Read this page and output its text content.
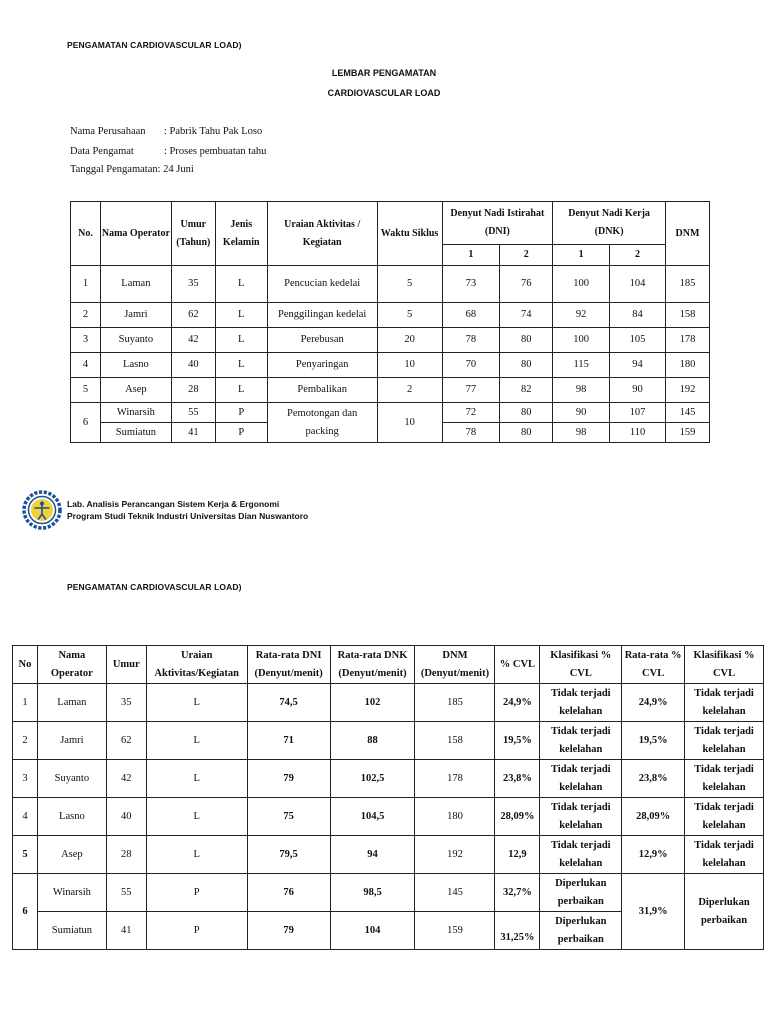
PENGAMATAN CARDIOVASCULAR LOAD)
LEMBAR PENGAMATAN
CARDIOVASCULAR LOAD
Nama Perusahaan : Pabrik Tahu Pak Loso
Data Pengamat	: Proses pembuatan tahu
Tanggal Pengamatan: 24 Juni
No.	Nama Operator	Umur (Tahun)	Jenis Kelamin	Uraian Aktivitas / Kegiatan	Waktu Siklus	Denyut Nadi Istirahat (DNI)		Denyut Nadi Kerja (DNK)		DNM
						1	2	1	2	
1	Laman	35	L	Pencucian kedelai	5	73	76	100	104	185
2	Jamri	62	L	Penggilingan kedelai	5	68	74	92	84	158
3	Suyanto	42	L	Perebusan	20	78	80	100	105	178
4	Lasno	40	L	Penyaringan	10	70	80	115	94	180
5	Asep	28	L	Pembalikan	2	77	82	98	90	192
6	Winarsih	55	P	Pemotongan dan packing	10	72	80	90	107	145
	Sumiatun	41	P			78	80	98	110	159
Lab. Analisis Perancangan Sistem Kerja & Ergonomi
Program Studi Teknik Industri Universitas Dian Nuswantoro
PENGAMATAN CARDIOVASCULAR LOAD)
No	Nama Operator	Umur	Uraian Aktivitas/Kegiatan	Rata-rata DNI (Denyut/menit)	Rata-rata DNK (Denyut/menit)	DNM (Denyut/menit)	% CVL	Klasifikasi % CVL	Rata-rata % CVL	Klasifikasi % CVL
1	Laman	35	L	74,5	102	185	24,9%	Tidak terjadi kelelahan	24,9%	Tidak terjadi kelelahan
2	Jamri	62	L	71	88	158	19,5%	Tidak terjadi kelelahan	19,5%	Tidak terjadi kelelahan
3	Suyanto	42	L	79	102,5	178	23,8%	Tidak terjadi kelelahan	23,8%	Tidak terjadi kelelahan
4	Lasno	40	L	75	104,5	180	28,09%	Tidak terjadi kelelahan	28,09%	Tidak terjadi kelelahan
5	Asep	28	L	79,5	94	192	12,9	Tidak terjadi kelelahan	12,9%	Tidak terjadi kelelahan
6	Winarsih	55	P	76	98,5	145	32,7%	Diperlukan perbaikan	31,9%	Diperlukan perbaikan
	Sumiatun	41	P	79	104	159	31,25%	Diperlukan perbaikan		
